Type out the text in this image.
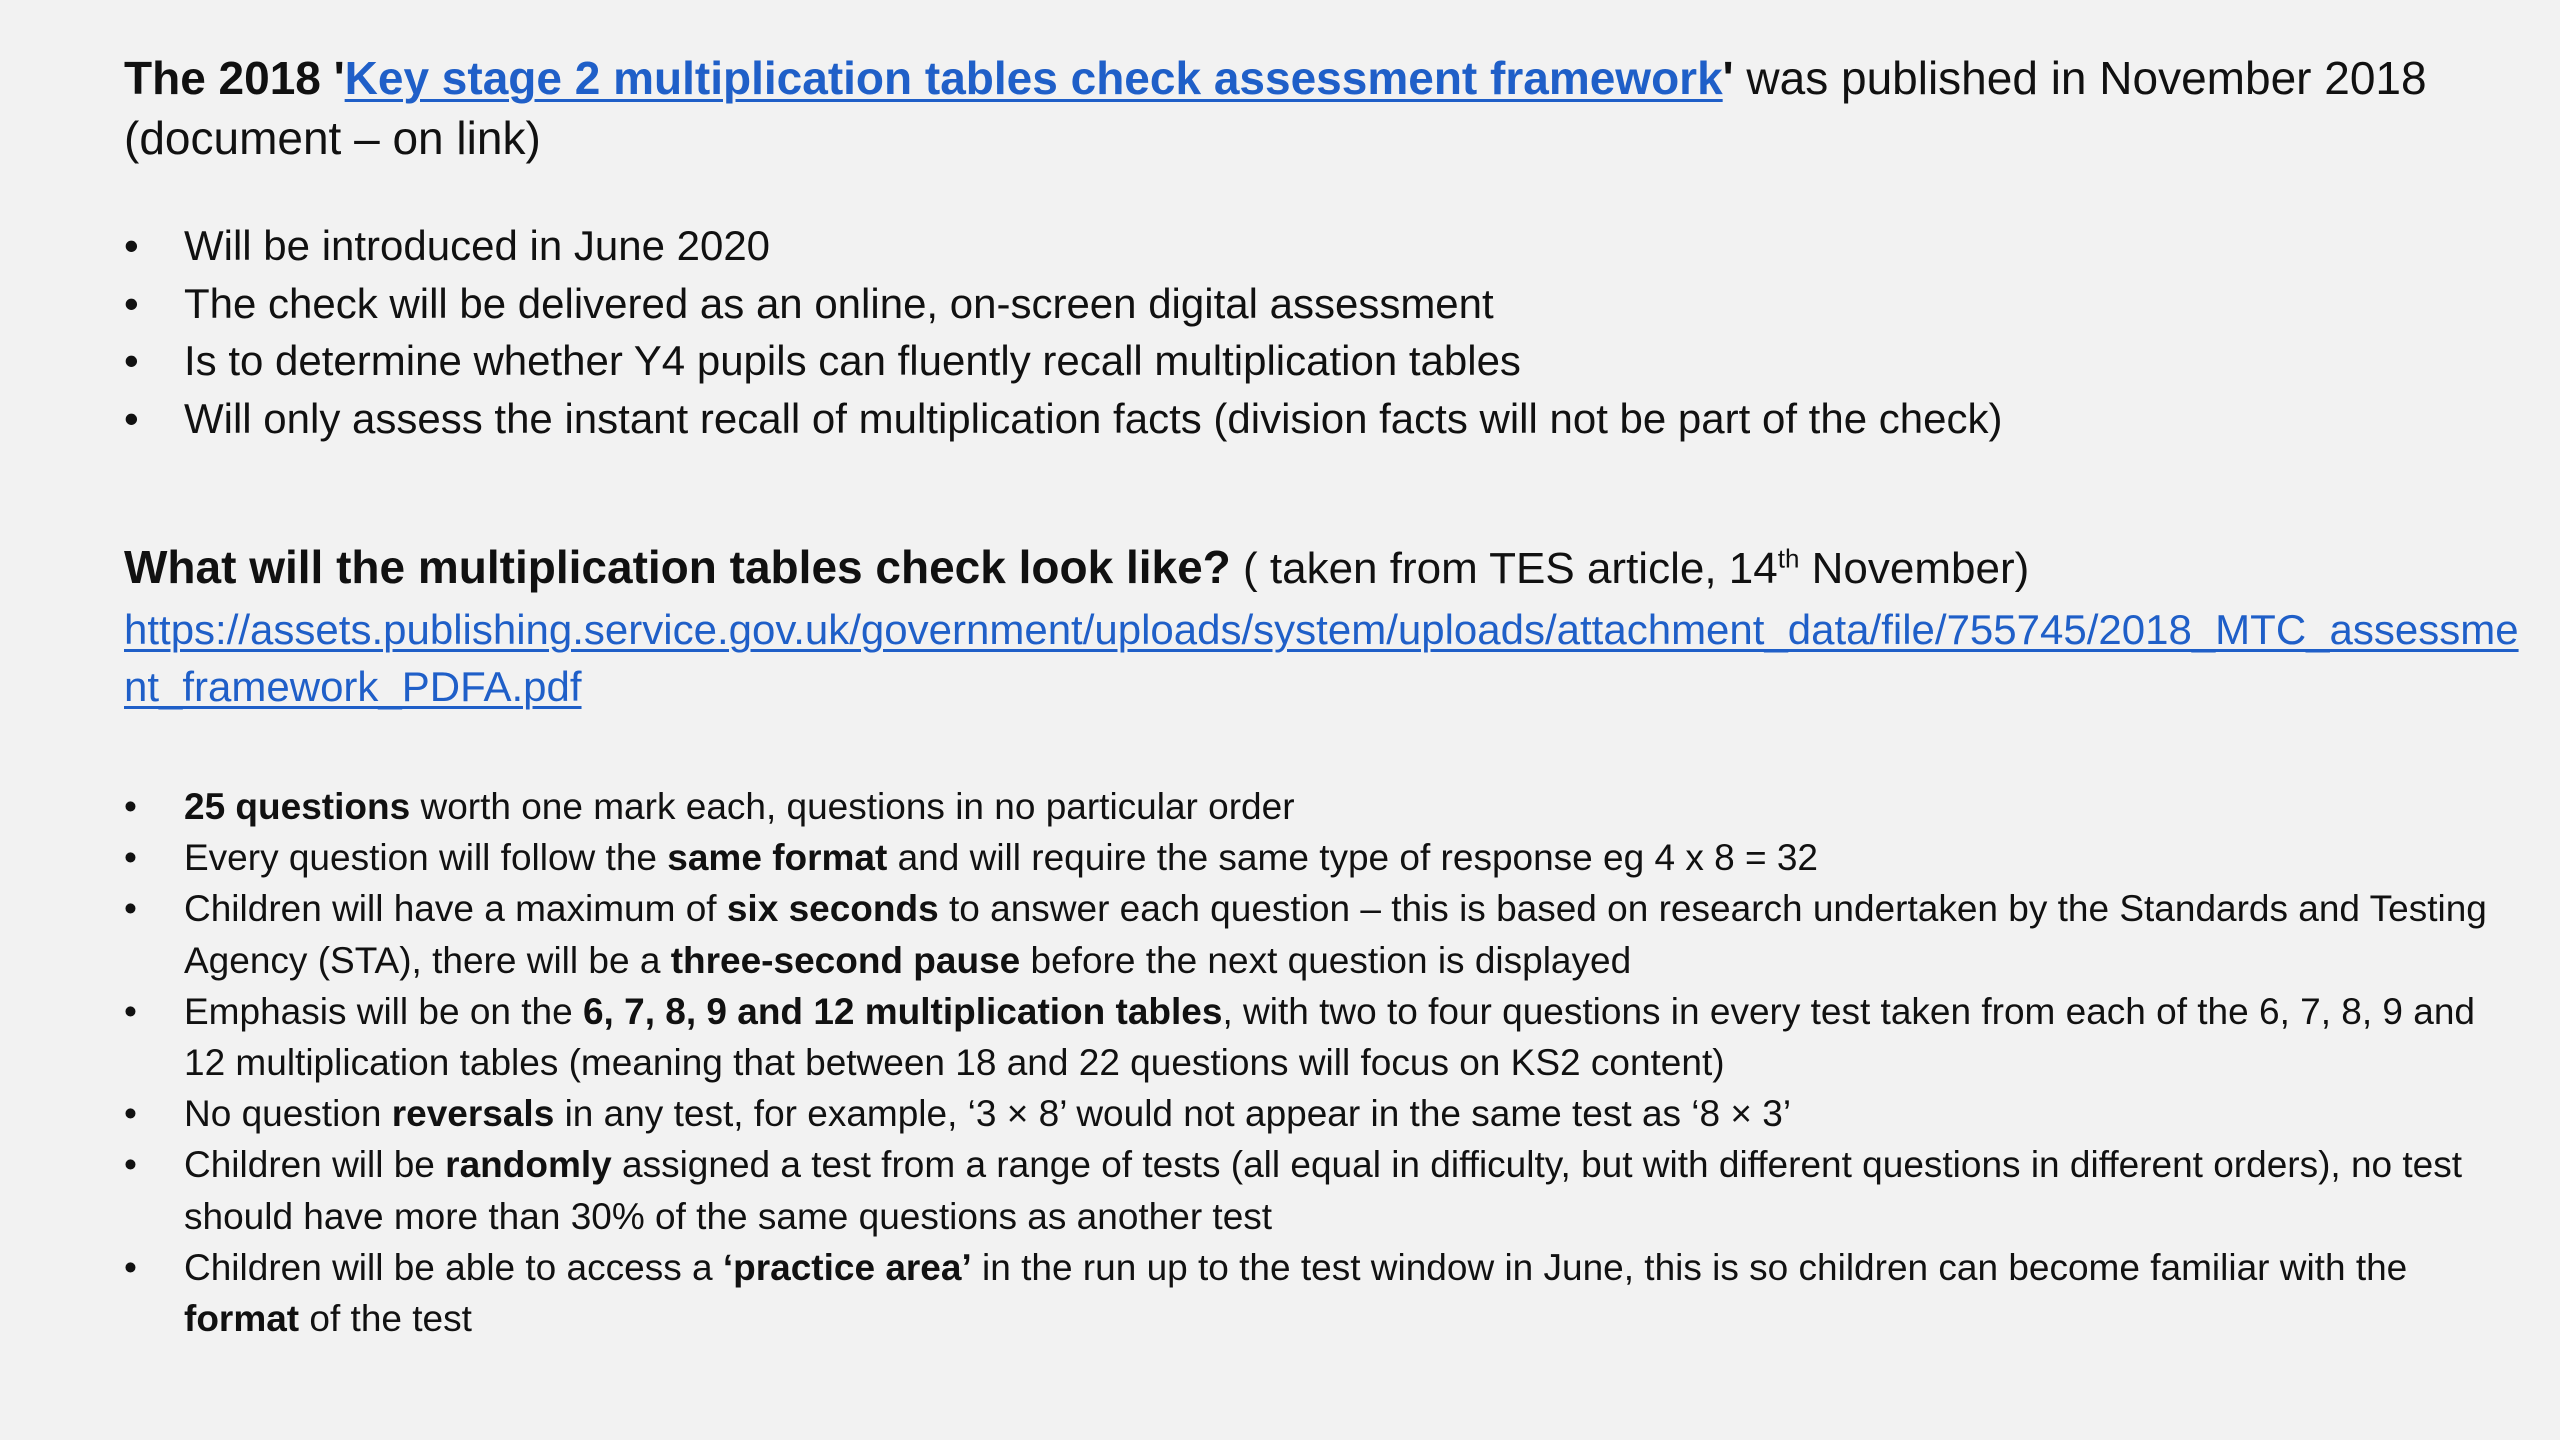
The 2018 'Key stage 2 multiplication tables check assessment framework' was published in November 2018
(document – on link)
• Will be introduced in June 2020
• The check will be delivered as an online, on-screen digital assessment
• Is to determine whether Y4 pupils can fluently recall multiplication tables
• Will only assess the instant recall of multiplication facts (division facts will not be part of the check)
What will the multiplication tables check look like? ( taken from TES article, 14th November)
https://assets.publishing.service.gov.uk/government/uploads/system/uploads/attachment_data/file/755745/2018_MTC_assessment_framework_PDFA.pdf
• 25 questions worth one mark each, questions in no particular order
• Every question will follow the same format and will require the same type of response eg 4 x 8 = 32
• Children will have a maximum of six seconds to answer each question – this is based on research undertaken by the Standards and Testing Agency (STA), there will be a three-second pause before the next question is displayed
• Emphasis will be on the 6, 7, 8, 9 and 12 multiplication tables, with two to four questions in every test taken from each of the 6, 7, 8, 9 and 12 multiplication tables (meaning that between 18 and 22 questions will focus on KS2 content)
• No question reversals in any test, for example, ‘3 × 8’ would not appear in the same test as ‘8 × 3’
• Children will be randomly assigned a test from a range of tests (all equal in difficulty, but with different questions in different orders), no test should have more than 30% of the same questions as another test
• Children will be able to access a ‘practice area’ in the run up to the test window in June, this is so children can become familiar with the format of the test
